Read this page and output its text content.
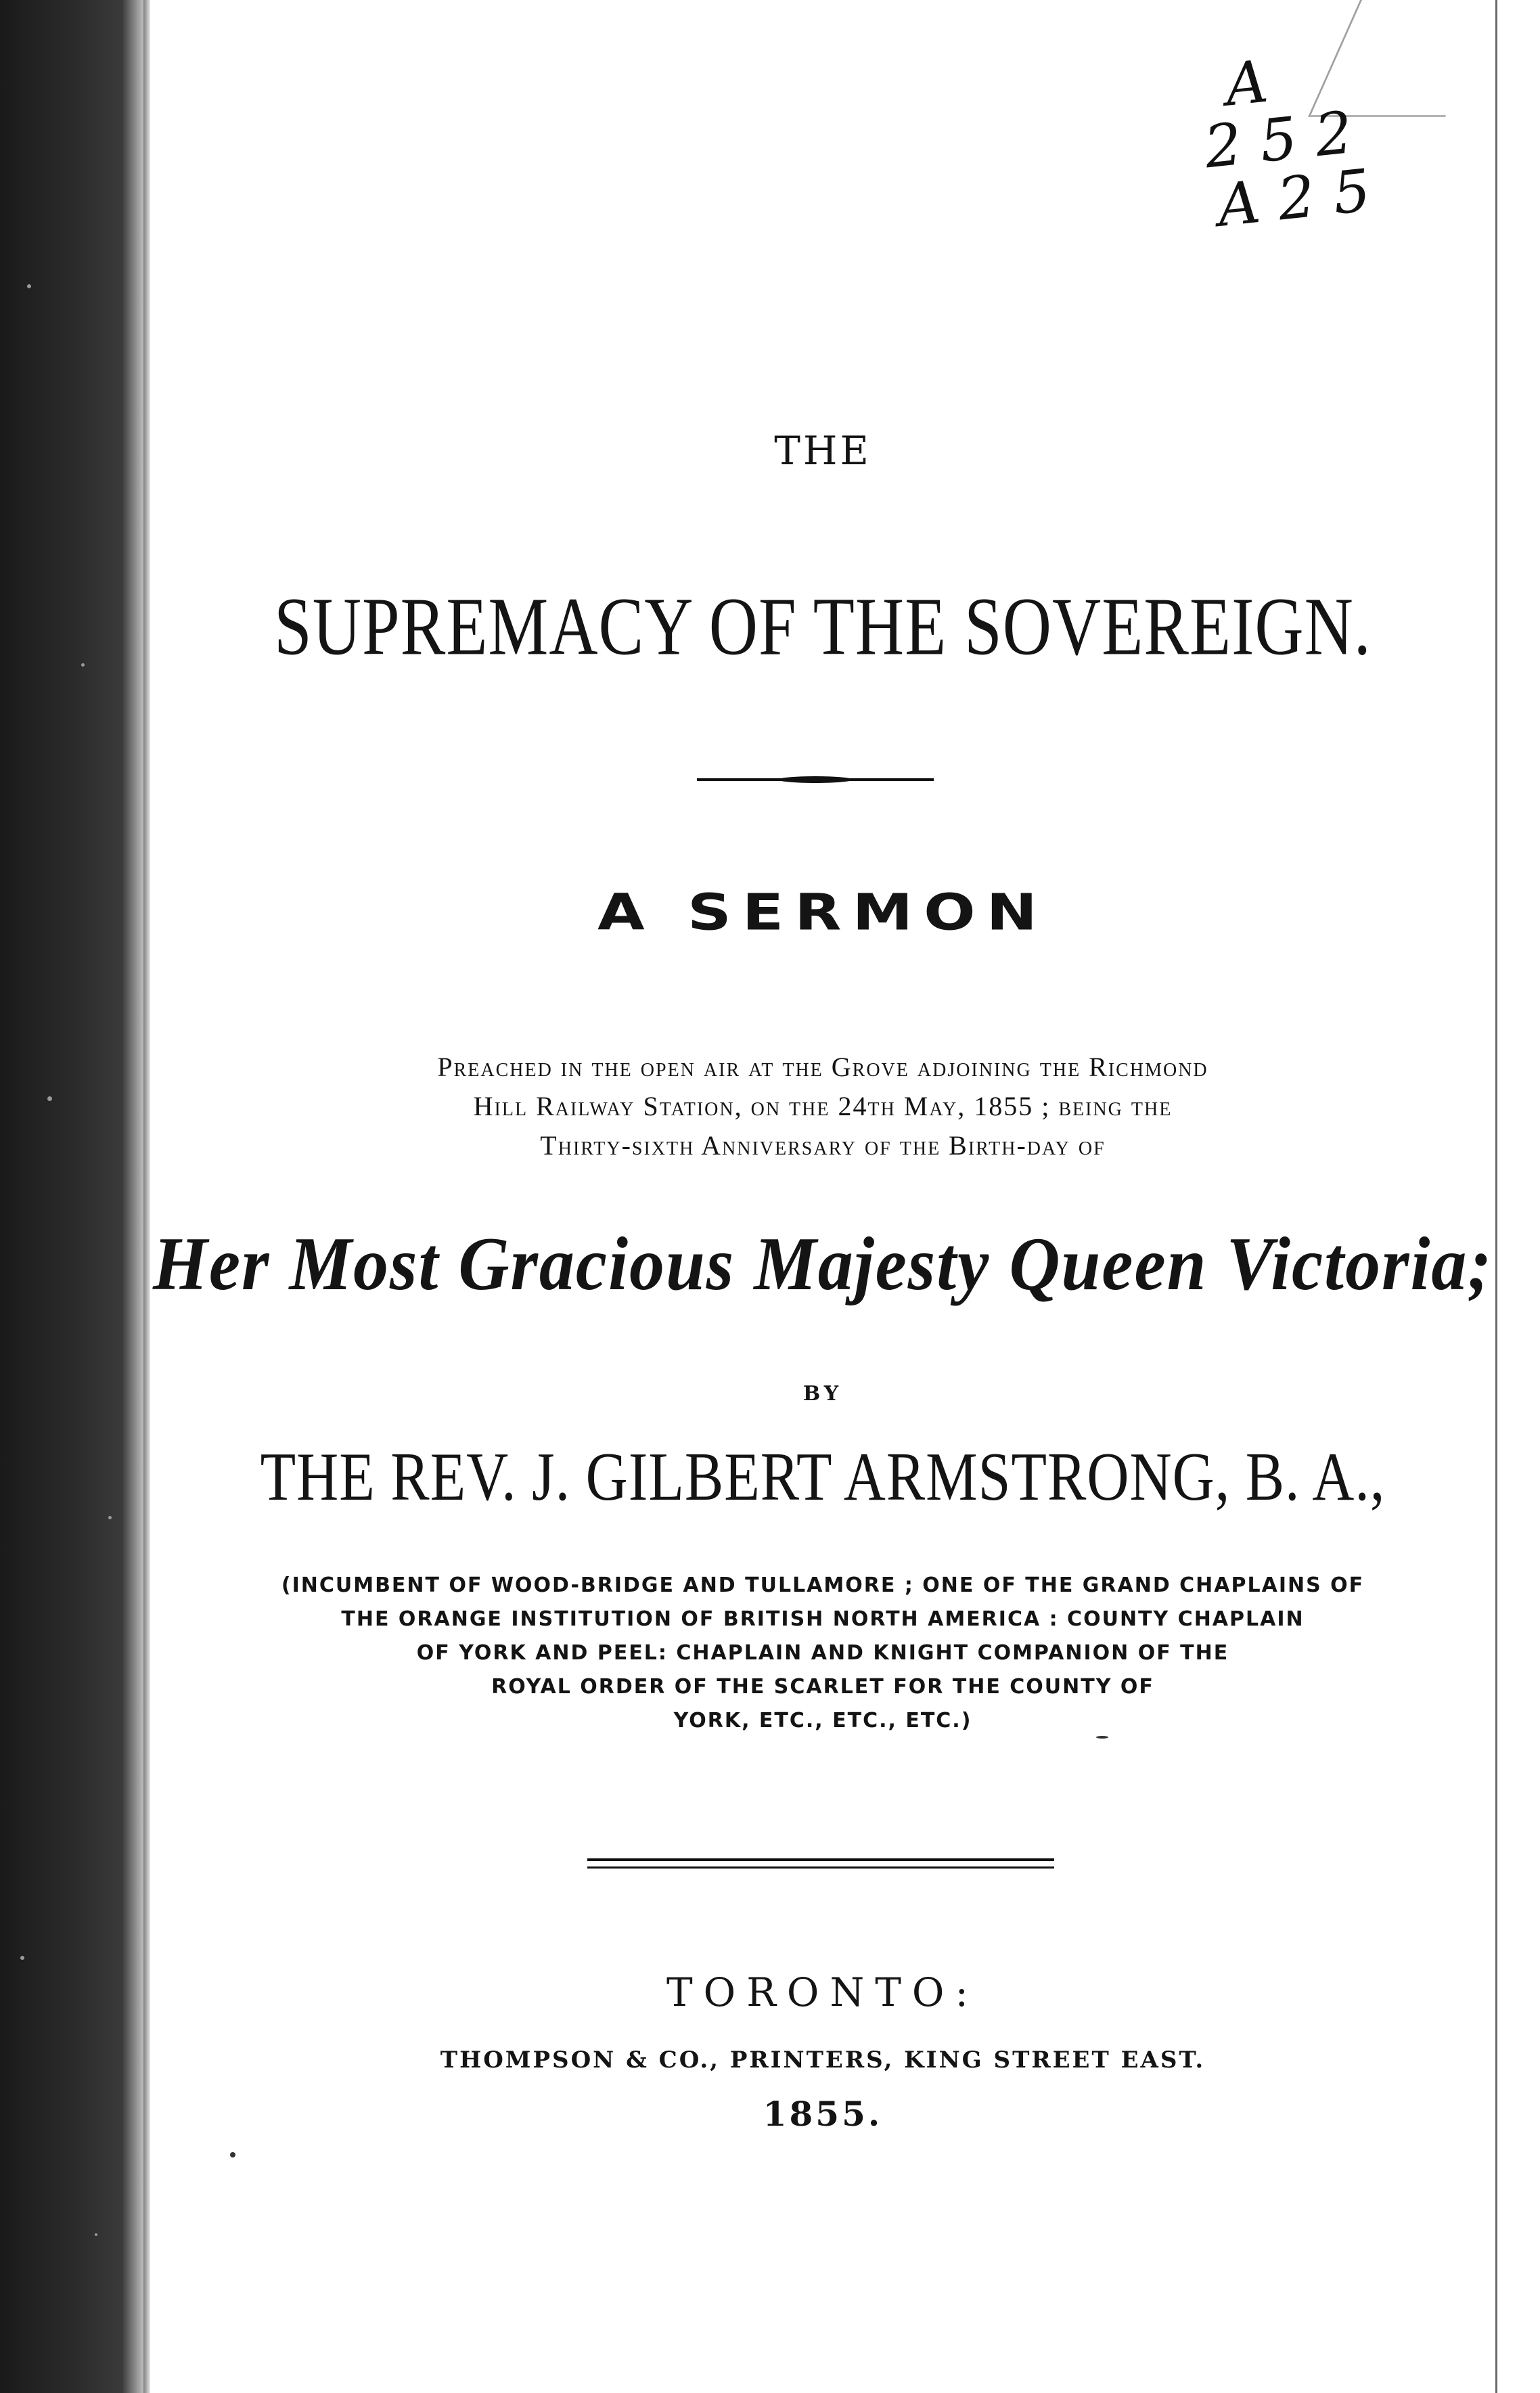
A
2 5 2
A 2 5
THE
SUPREMACY OF THE SOVEREIGN.
A SERMON
Preached in the open air at the Grove adjoining the Richmond
Hill Railway Station, on the 24th May, 1855 ; being the
Thirty-sixth Anniversary of the Birth-day of
Her Most Gracious Majesty Queen Victoria;
BY
THE REV. J. GILBERT ARMSTRONG, B. A.,
(INCUMBENT OF WOOD-BRIDGE AND TULLAMORE ; ONE OF THE GRAND CHAPLAINS OF
THE ORANGE INSTITUTION OF BRITISH NORTH AMERICA : COUNTY CHAPLAIN
OF YORK AND PEEL: CHAPLAIN AND KNIGHT COMPANION OF THE
ROYAL ORDER OF THE SCARLET FOR THE COUNTY OF
YORK, ETC., ETC., ETC.)
TORONTO:
THOMPSON & CO., PRINTERS, KING STREET EAST.
1855.
